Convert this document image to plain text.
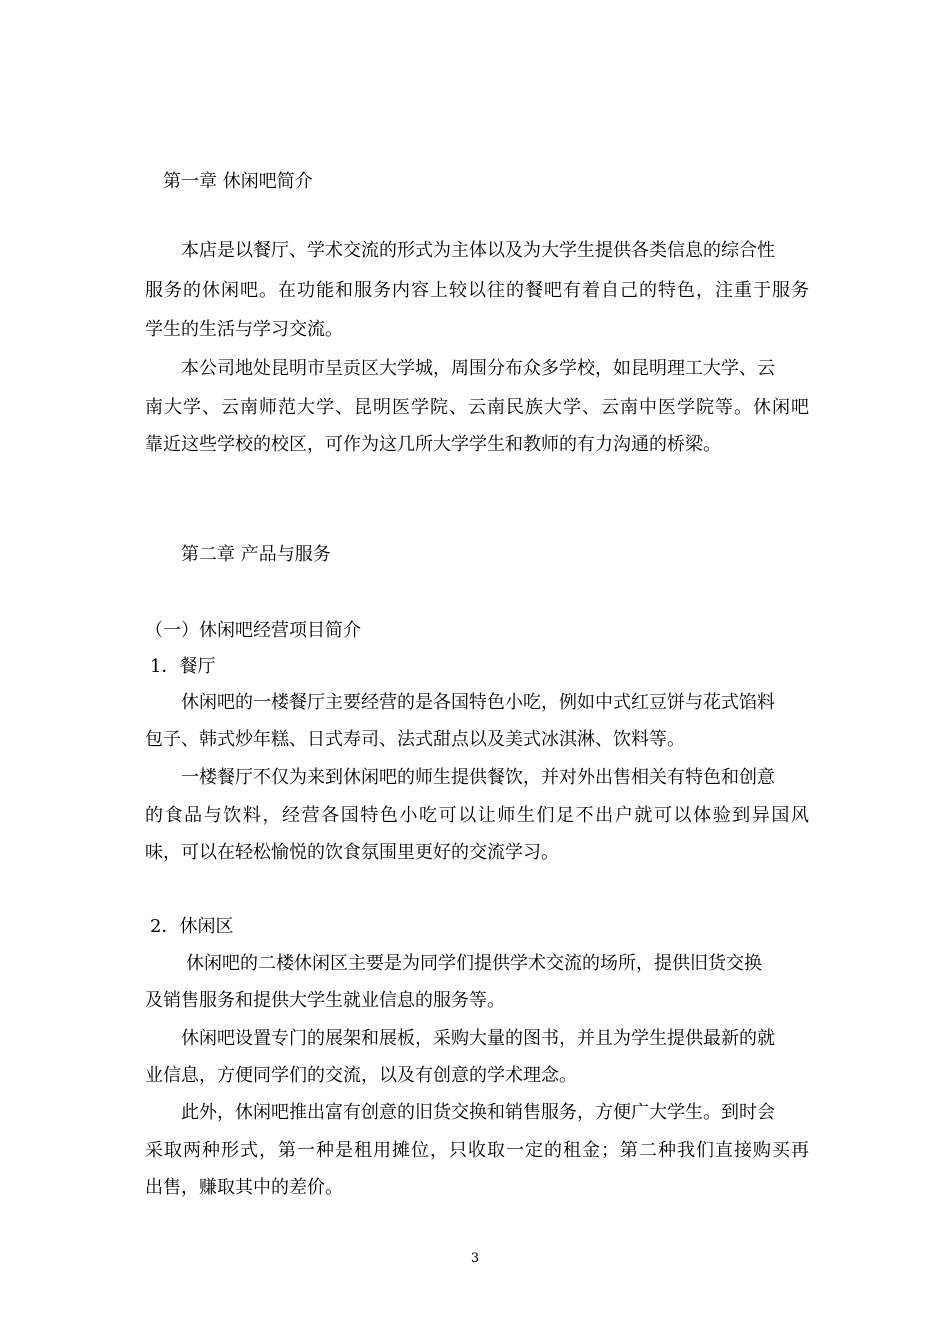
第一章 休闲吧简介
本店是以餐厅、学术交流的形式为主体以及为大学生提供各类信息的综合性
服务的休闲吧。在功能和服务内容上较以往的餐吧有着自己的特色，注重于服务
学生的生活与学习交流。
本公司地处昆明市呈贡区大学城，周围分布众多学校，如昆明理工大学、云
南大学、云南师范大学、昆明医学院、云南民族大学、云南中医学院等。休闲吧
靠近这些学校的校区，可作为这几所大学学生和教师的有力沟通的桥梁。
第二章 产品与服务
（一）休闲吧经营项目简介
1．餐厅
休闲吧的一楼餐厅主要经营的是各国特色小吃，例如中式红豆饼与花式馅料
包子、韩式炒年糕、日式寿司、法式甜点以及美式冰淇淋、饮料等。
一楼餐厅不仅为来到休闲吧的师生提供餐饮，并对外出售相关有特色和创意
的食品与饮料，经营各国特色小吃可以让师生们足不出户就可以体验到异国风
味，可以在轻松愉悦的饮食氛围里更好的交流学习。
2．休闲区
休闲吧的二楼休闲区主要是为同学们提供学术交流的场所，提供旧货交换
及销售服务和提供大学生就业信息的服务等。
休闲吧设置专门的展架和展板，采购大量的图书，并且为学生提供最新的就
业信息，方便同学们的交流，以及有创意的学术理念。
此外，休闲吧推出富有创意的旧货交换和销售服务，方便广大学生。到时会
采取两种形式，第一种是租用摊位，只收取一定的租金；第二种我们直接购买再
出售，赚取其中的差价。
3
